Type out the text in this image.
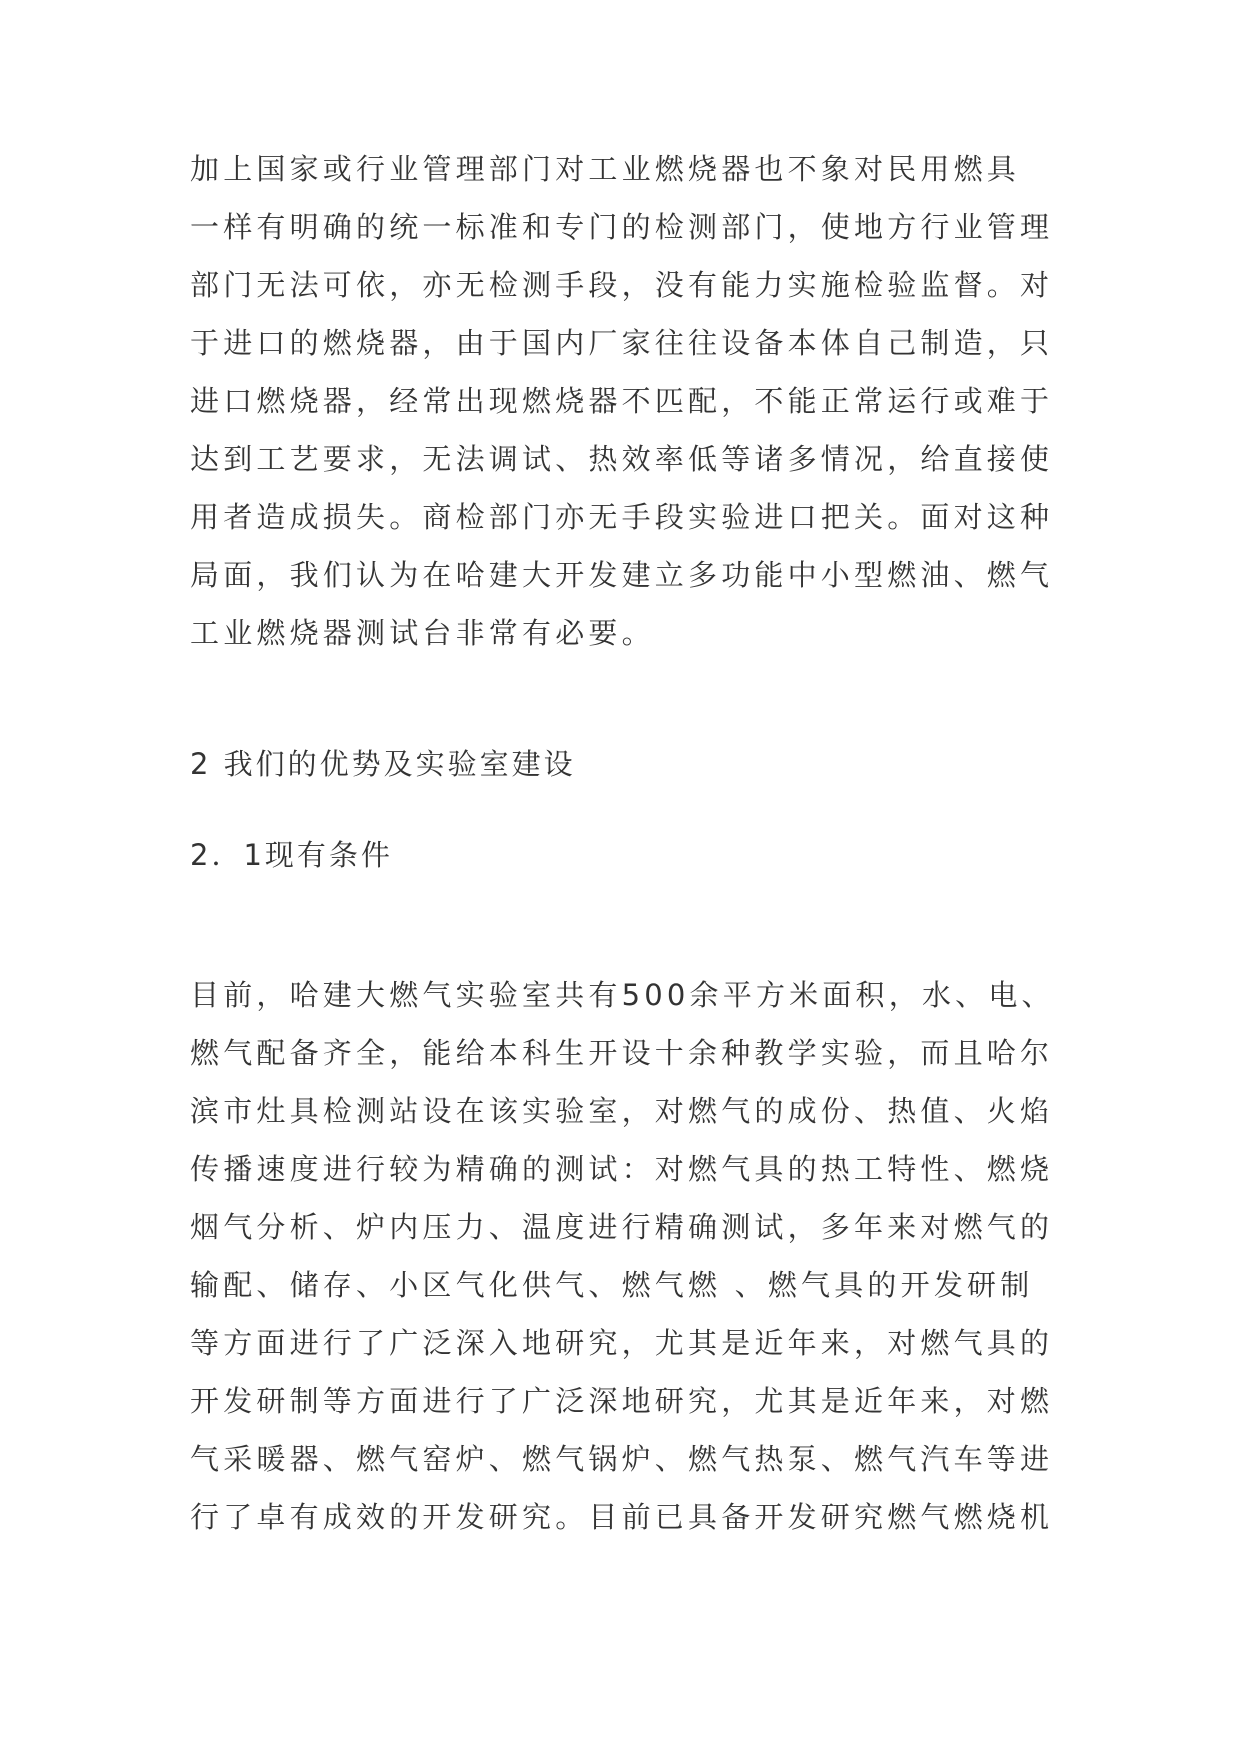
加上国家或行业管理部门对工业燃烧器也不象对民用燃具
一样有明确的统一标准和专门的检测部门，使地方行业管理
部门无法可依，亦无检测手段，没有能力实施检验监督。对
于进口的燃烧器，由于国内厂家往往设备本体自己制造，只
进口燃烧器，经常出现燃烧器不匹配，不能正常运行或难于
达到工艺要求，无法调试、热效率低等诸多情况，给直接使
用者造成损失。商检部门亦无手段实验进口把关。面对这种
局面，我们认为在哈建大开发建立多功能中小型燃油、燃气
工业燃烧器测试台非常有必要。
2 我们的优势及实验室建设
2．1现有条件
目前，哈建大燃气实验室共有500余平方米面积，水、电、
燃气配备齐全，能给本科生开设十余种教学实验，而且哈尔
滨市灶具检测站设在该实验室，对燃气的成份、热值、火焰
传播速度进行较为精确的测试：对燃气具的热工特性、燃烧
烟气分析、炉内压力、温度进行精确测试，多年来对燃气的
输配、储存、小区气化供气、燃气燃 、燃气具的开发研制
等方面进行了广泛深入地研究，尤其是近年来，对燃气具的
开发研制等方面进行了广泛深地研究，尤其是近年来，对燃
气采暖器、燃气窑炉、燃气锅炉、燃气热泵、燃气汽车等进
行了卓有成效的开发研究。目前已具备开发研究燃气燃烧机
